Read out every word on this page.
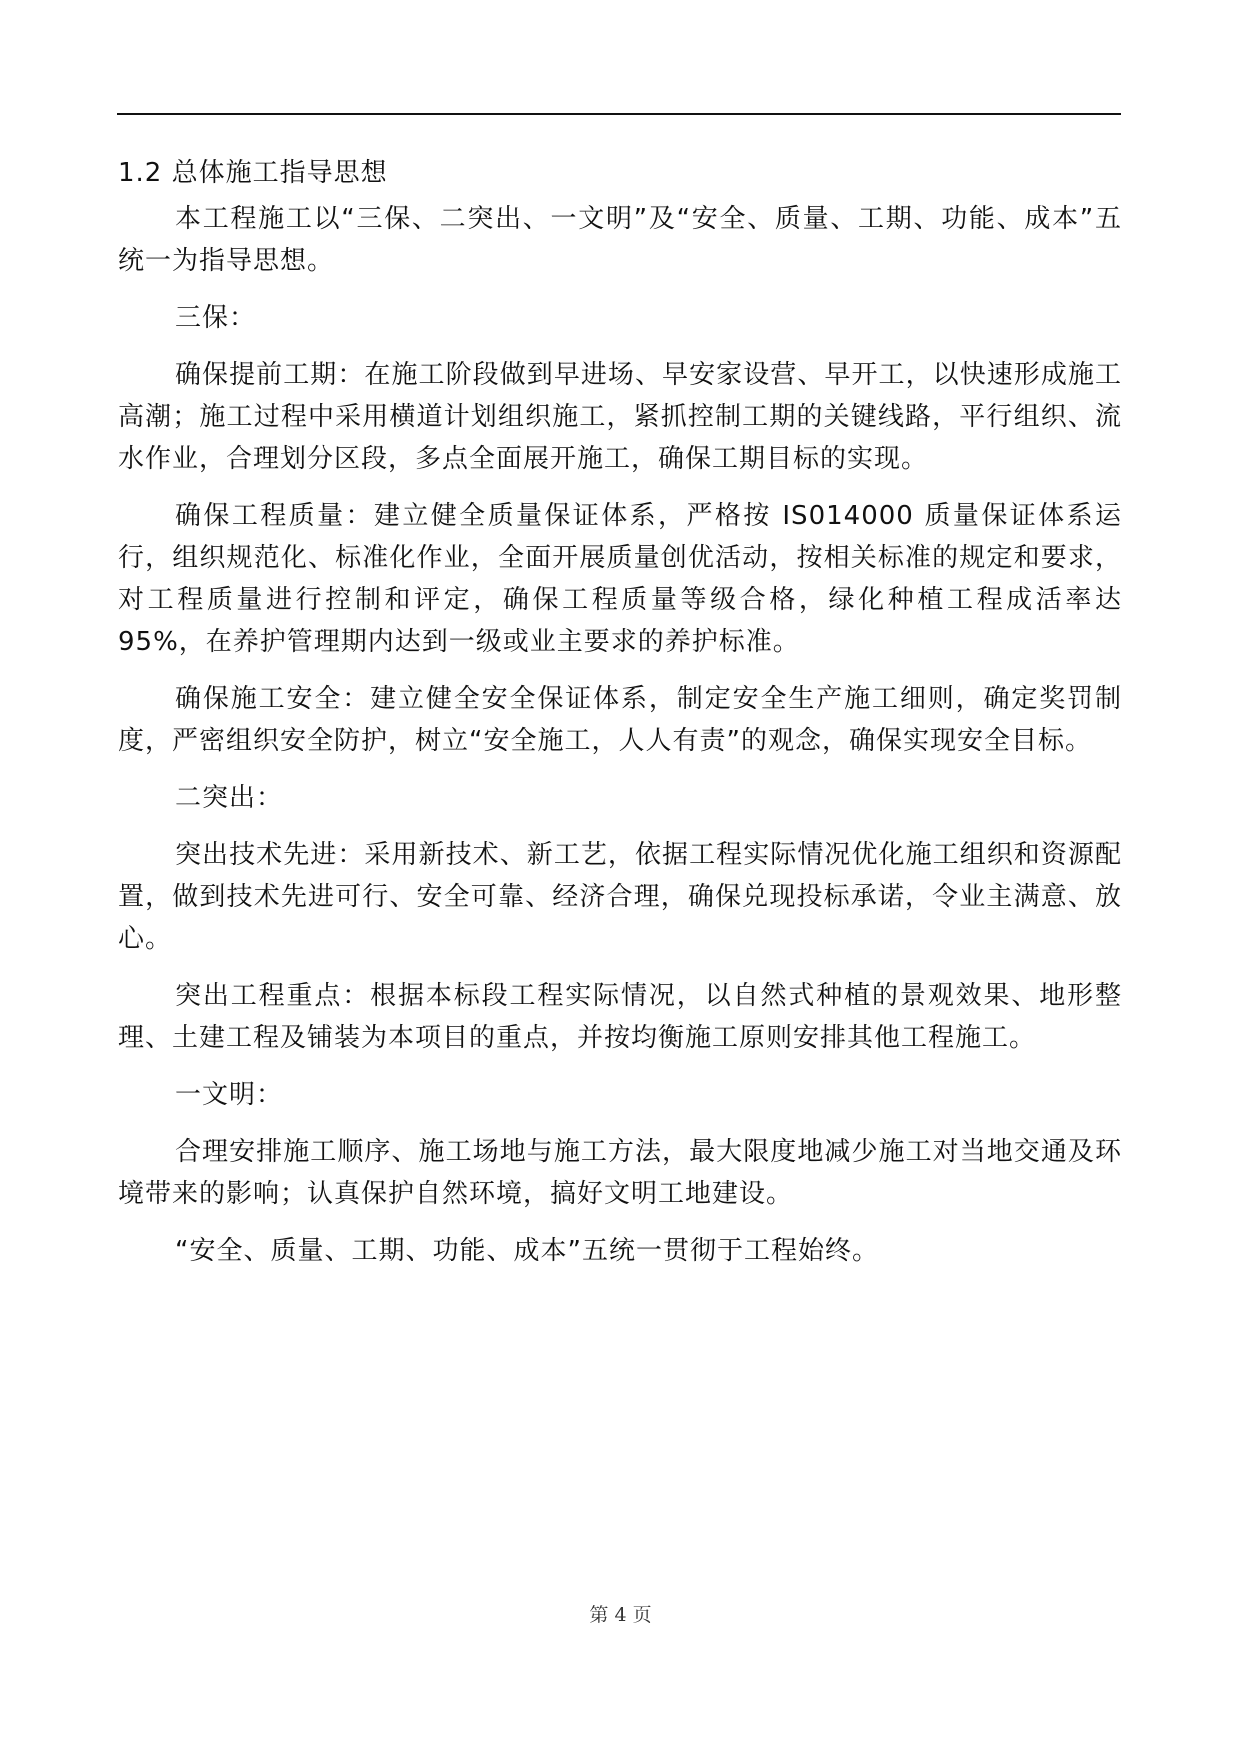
1.2 总体施工指导思想

本工程施工以“三保、二突出、一文明”及“安全、质量、工期、功能、成本”五统一为指导思想。

三保：

确保提前工期：在施工阶段做到早进场、早安家设营、早开工，以快速形成施工高潮；施工过程中采用横道计划组织施工，紧抓控制工期的关键线路，平行组织、流水作业，合理划分区段，多点全面展开施工，确保工期目标的实现。

确保工程质量：建立健全质量保证体系，严格按 IS014000 质量保证体系运行，组织规范化、标准化作业，全面开展质量创优活动，按相关标准的规定和要求，对工程质量进行控制和评定，确保工程质量等级合格，绿化种植工程成活率达 95%，在养护管理期内达到一级或业主要求的养护标准。

确保施工安全：建立健全安全保证体系，制定安全生产施工细则，确定奖罚制度，严密组织安全防护，树立“安全施工，人人有责”的观念，确保实现安全目标。

二突出：

突出技术先进：采用新技术、新工艺，依据工程实际情况优化施工组织和资源配置，做到技术先进可行、安全可靠、经济合理，确保兑现投标承诺，令业主满意、放心。

突出工程重点：根据本标段工程实际情况，以自然式种植的景观效果、地形整理、土建工程及铺装为本项目的重点，并按均衡施工原则安排其他工程施工。

一文明：

合理安排施工顺序、施工场地与施工方法，最大限度地减少施工对当地交通及环境带来的影响；认真保护自然环境，搞好文明工地建设。

“安全、质量、工期、功能、成本”五统一贯彻于工程始终。

第 4 页
